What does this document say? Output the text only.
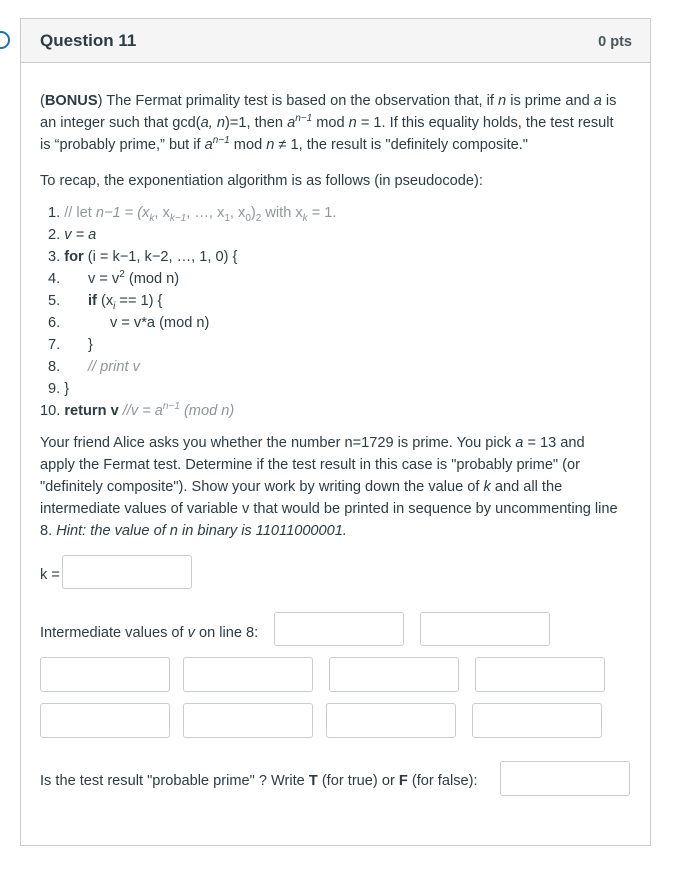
Question 11	0 pts
(BONUS) The Fermat primality test is based on the observation that, if n is prime and a is
an integer such that gcd(a, n)=1, then $a^{n-1}$ mod n = 1. If this equality holds, the test result
is “probably prime,” but if $a^{n-1}$ mod n ≠ 1, the result is "definitely composite."
To recap, the exponentiation algorithm is as follows (in pseudocode):
1. // let $n-1 = (x_k$, $x_{k-1}$, …, $x_1$, $x_0)_2$ with $x_k = 1$.
2. v = a
3. for (i = k−1, k−2, …, 1, 0) {
4. $v = v^2$ (mod n)
5. if $(x_i == 1)$ {
6.	v = v*a (mod n)
7. }
8. // print v
9. }
10. return v $//v = a^{n-1}$ (mod n)
Your friend Alice asks you whether the number n=1729 is prime. You pick a = 13 and
apply the Fermat test. Determine if the test result in this case is "probably prime" (or
"definitely composite"). Show your work by writing down the value of k and all the
intermediate values of variable v that would be printed in sequence by uncommenting line
8. Hint: the value of n in binary is 11011000001.
k =
Intermediate values of v on line 8:
Is the test result "probable prime" ? Write T (for true) or F (for false):
